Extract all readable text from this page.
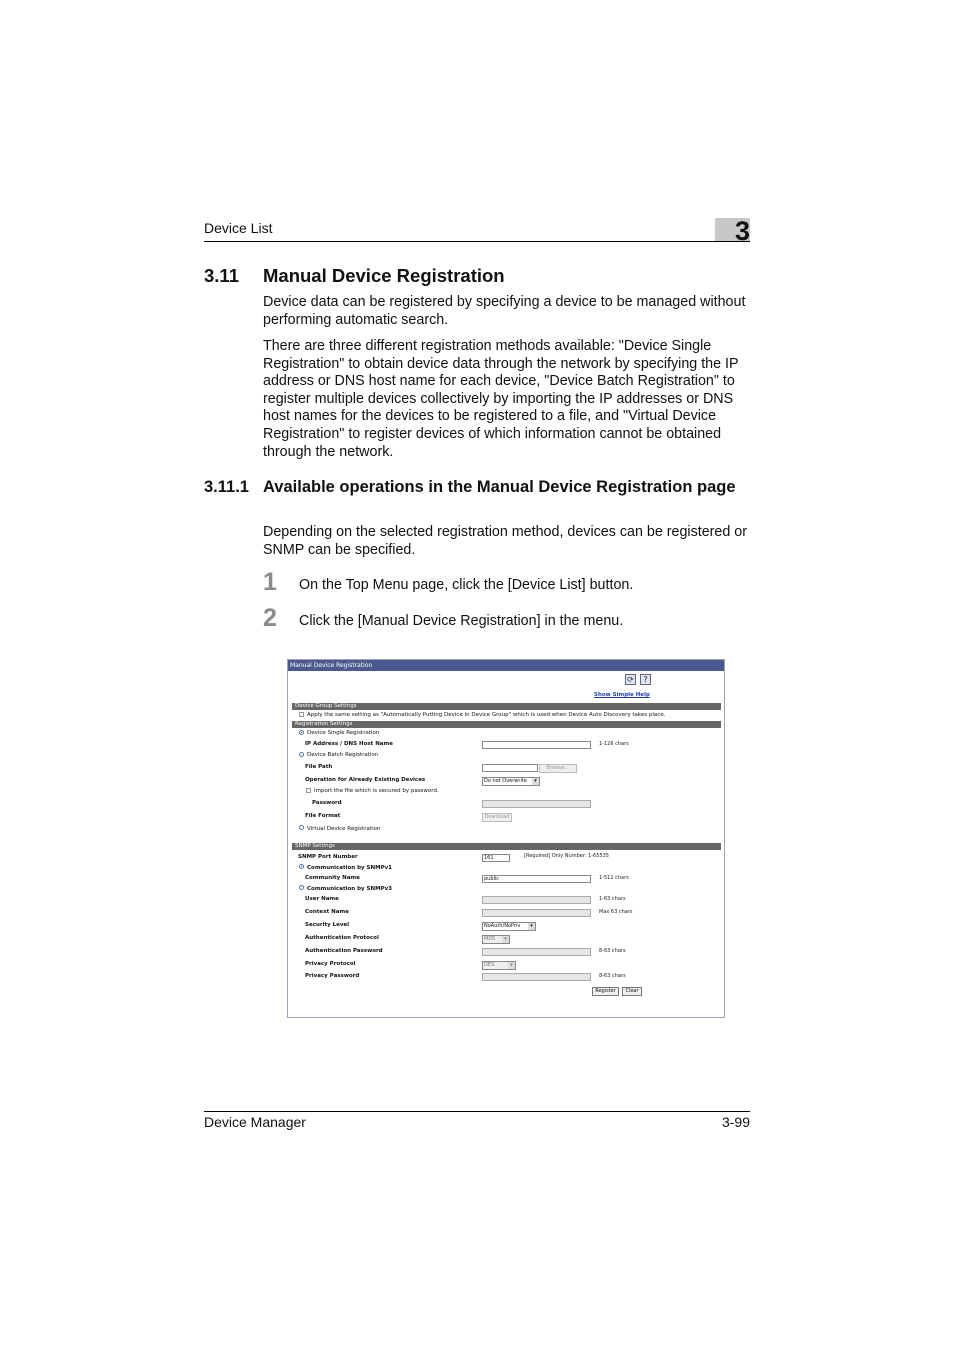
Device List	3
3.11 Manual Device Registration

Device data can be registered by specifying a device to be managed without performing automatic search.

There are three different registration methods available: "Device Single Registration" to obtain device data through the network by specifying the IP address or DNS host name for each device, "Device Batch Registration" to register multiple devices collectively by importing the IP addresses or DNS host names for the devices to be registered to a file, and "Virtual Device Registration" to register devices of which information cannot be obtained through the network.

3.11.1 Available operations in the Manual Device Registration page

Depending on the selected registration method, devices can be registered or SNMP can be specified.

1 On the Top Menu page, click the [Device List] button.
2 Click the [Manual Device Registration] in the menu.
Manual Device Registration
⟳	?
Show Simple Help
Device Group Settings
Apply the same setting as "Automatically Putting Device in Device Group" which is used when Device Auto Discovery takes place.
Registration Settings
Device Single Registration
IP Address / DNS Host Name	1-126 chars
Device Batch Registration
File Path	Browse...
Operation for Already Existing Devices	Do not Overwrite	▾
Import the file which is secured by password.
Password
File Format	Download
Virtual Device Registration
SNMP Settings
SNMP Port Number	161	[Required] Only Number: 1-65535
Communication by SNMPv1
Community Name	public	1-511 chars
Communication by SNMPv3
User Name	1-63 chars
Context Name	Max 63 chars
Security Level	NoAuth/NoPriv	▾
Authentication Protocol	MD5	▾
Authentication Password	8-63 chars
Privacy Protocol	DES	▾
Privacy Password	8-63 chars
Register	Clear
Device Manager	3-99
